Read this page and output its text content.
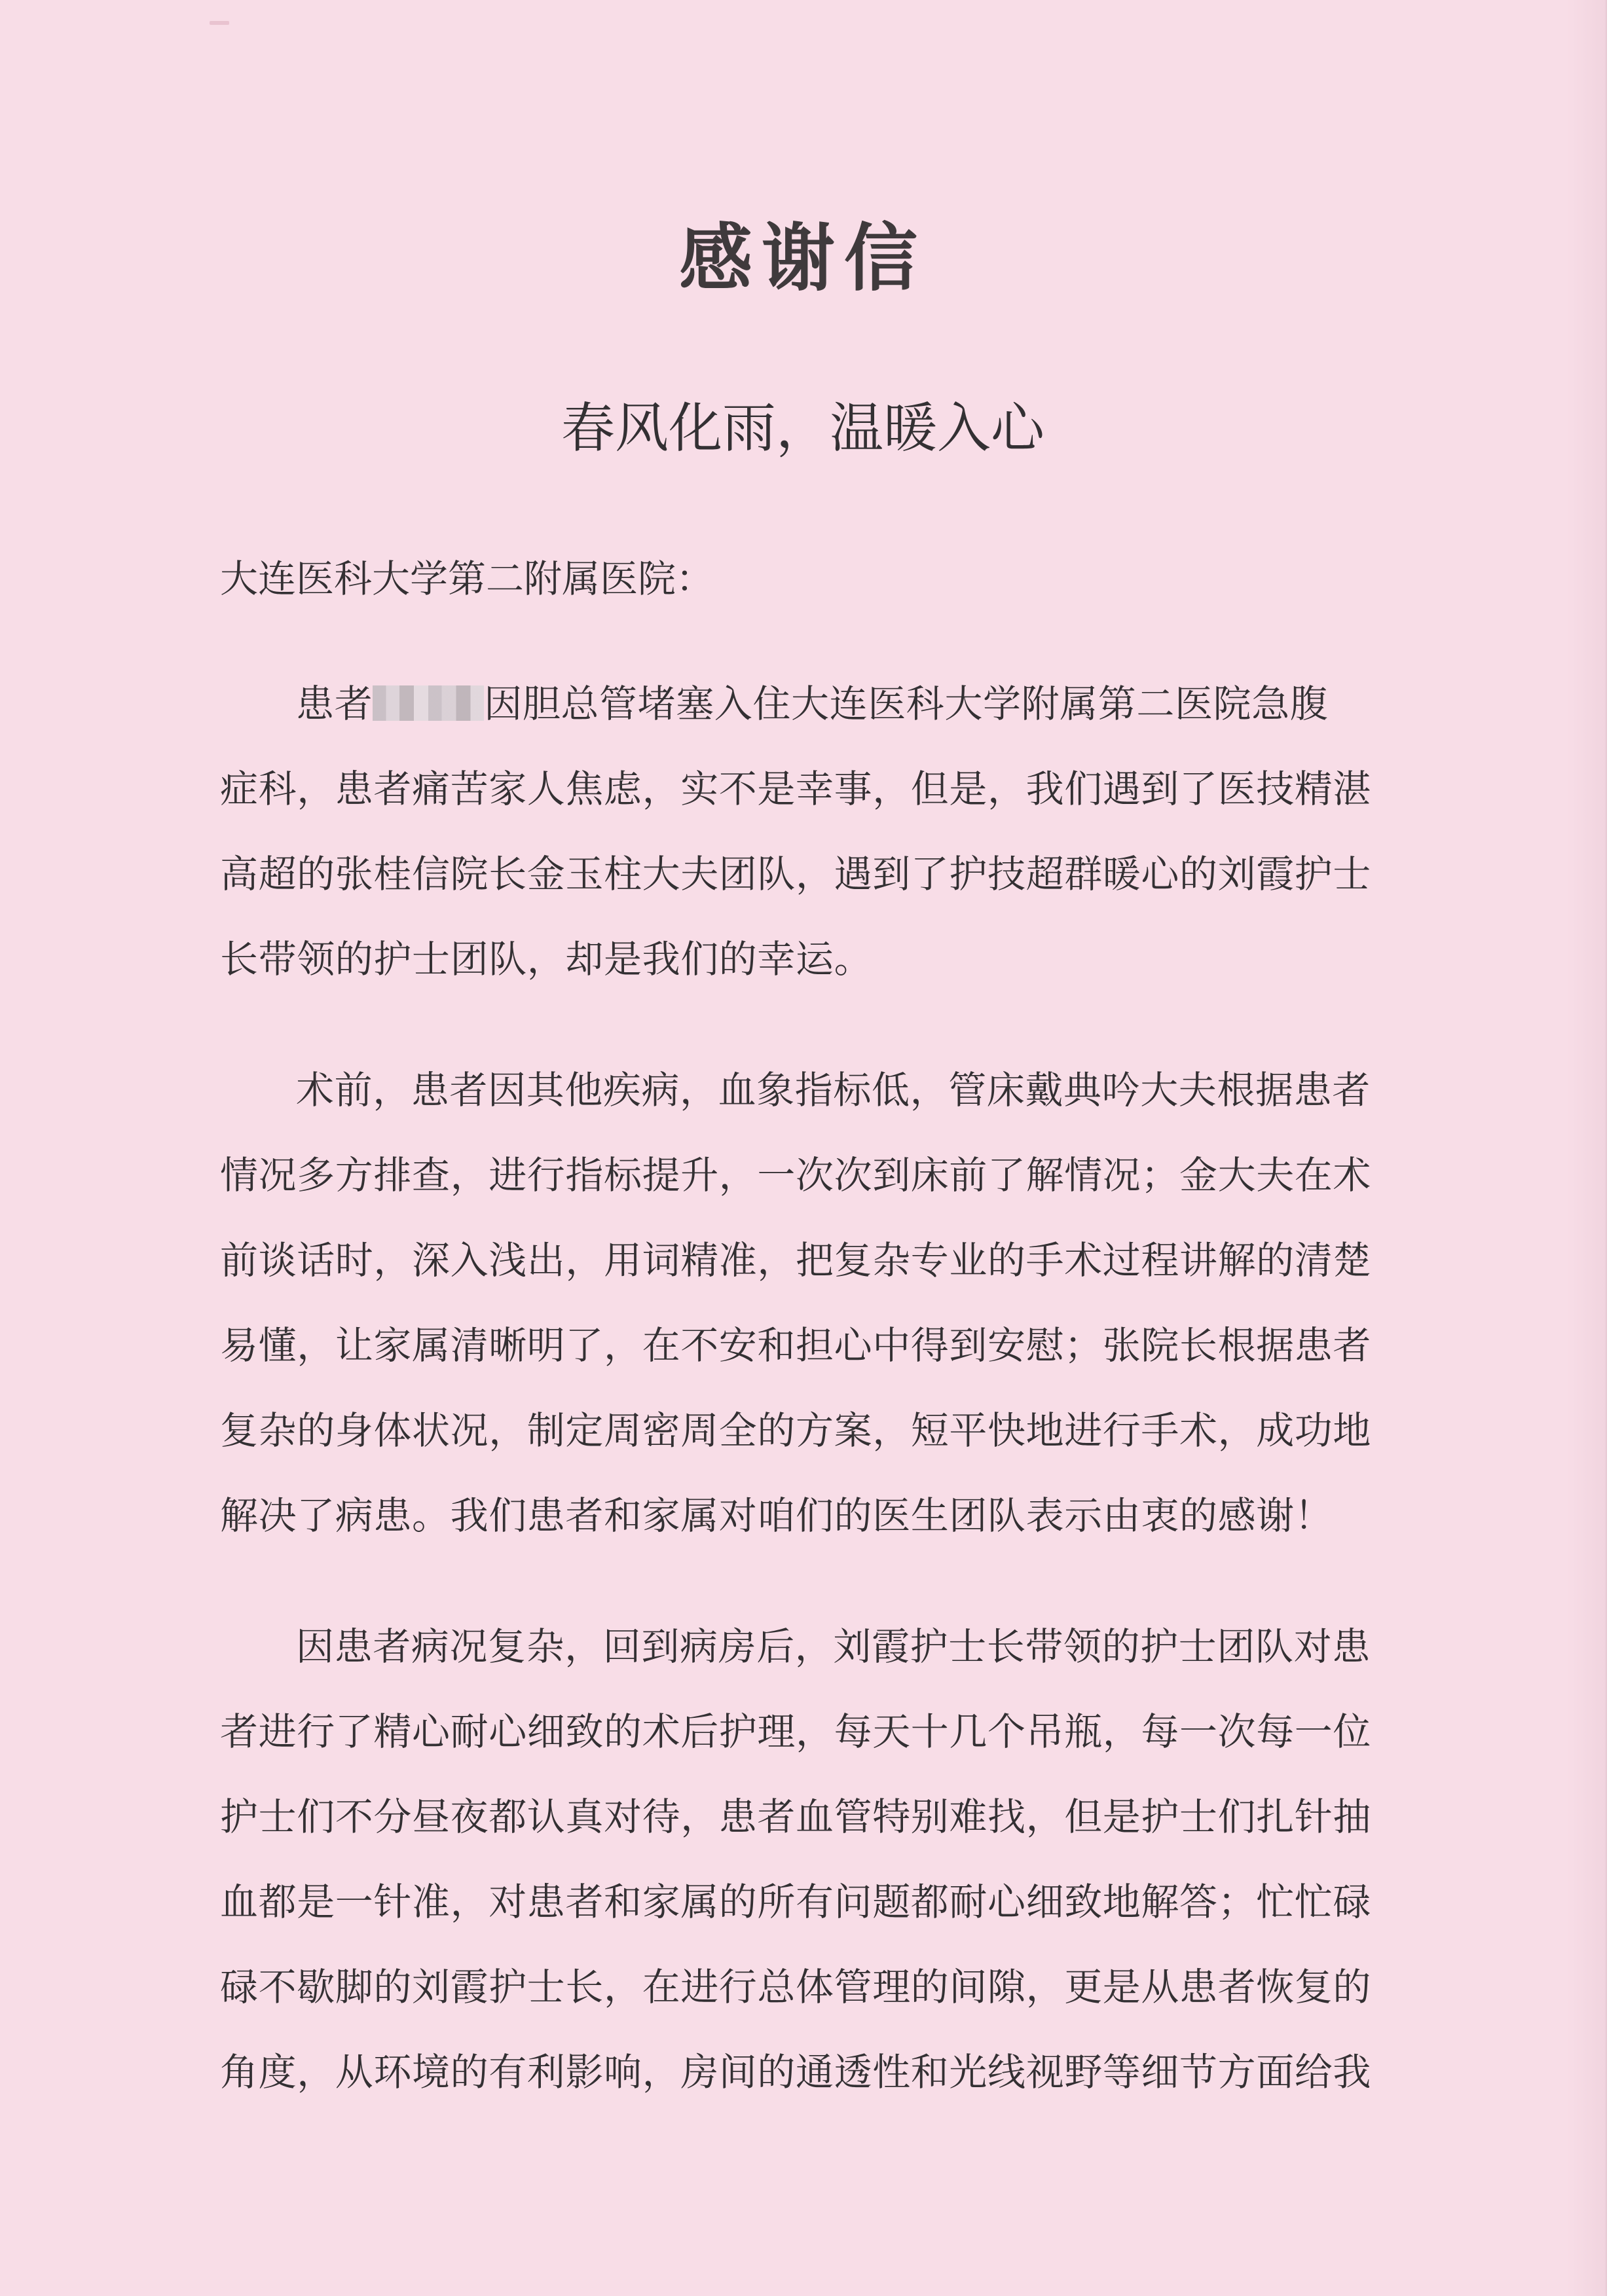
感谢信
春风化雨，温暖入心
大连医科大学第二附属医院：
患者	因胆总管堵塞入住大连医科大学附属第二医院急腹
症科，患者痛苦家人焦虑，实不是幸事，但是，我们遇到了医技精湛
高超的张桂信院长金玉柱大夫团队，遇到了护技超群暖心的刘霞护士
长带领的护士团队，却是我们的幸运。
术前，患者因其他疾病，血象指标低，管床戴典吟大夫根据患者
情况多方排查，进行指标提升，一次次到床前了解情况；金大夫在术
前谈话时，深入浅出，用词精准，把复杂专业的手术过程讲解的清楚
易懂，让家属清晰明了，在不安和担心中得到安慰；张院长根据患者
复杂的身体状况，制定周密周全的方案，短平快地进行手术，成功地
解决了病患。我们患者和家属对咱们的医生团队表示由衷的感谢！
因患者病况复杂，回到病房后，刘霞护士长带领的护士团队对患
者进行了精心耐心细致的术后护理，每天十几个吊瓶，每一次每一位
护士们不分昼夜都认真对待，患者血管特别难找，但是护士们扎针抽
血都是一针准，对患者和家属的所有问题都耐心细致地解答；忙忙碌
碌不歇脚的刘霞护士长，在进行总体管理的间隙，更是从患者恢复的
角度，从环境的有利影响，房间的通透性和光线视野等细节方面给我
